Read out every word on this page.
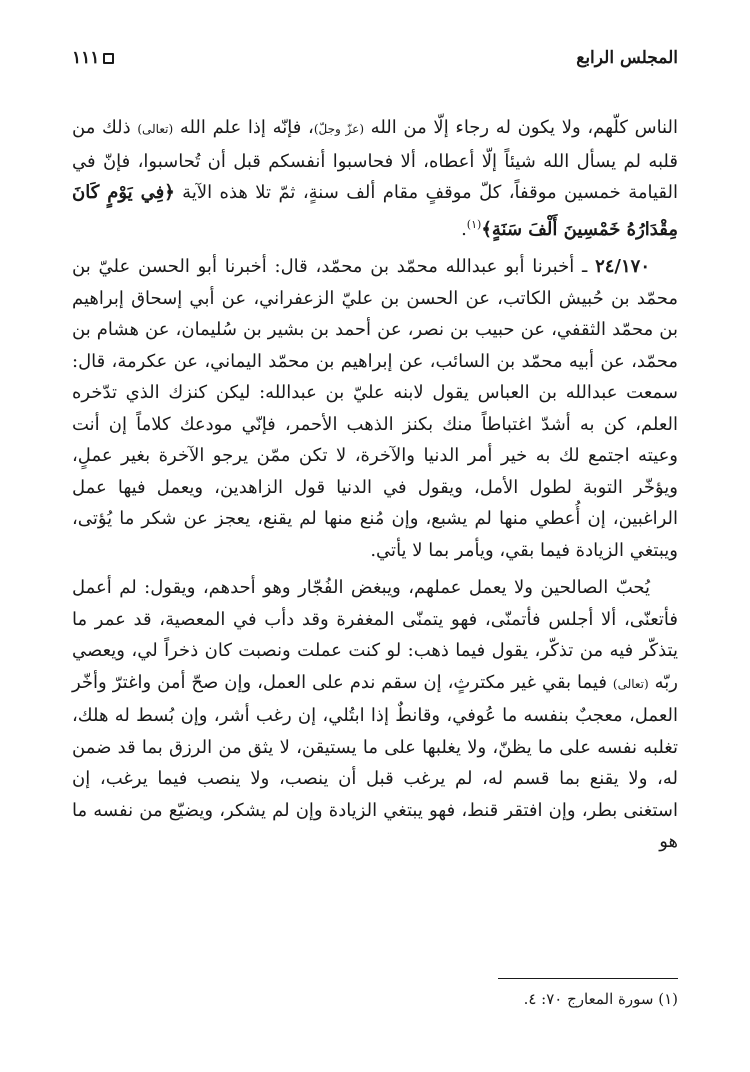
المجلس الرابع
١١١

الناس كلّهم، ولا يكون له رجاء إلّا من الله (عزّ وجلّ)، فإنّه إذا علم الله (تعالى) ذلك من قلبه لم يسأل الله شيئاً إلّا أعطاه، ألا فحاسبوا أنفسكم قبل أن تُحاسبوا، فإنّ في القيامة خمسين موقفاً، كلّ موقفٍ مقام ألف سنةٍ، ثمّ تلا هذه الآية ﴿فِي يَوْمٍ كَانَ مِقْدَارُهُ خَمْسِينَ أَلْفَ سَنَةٍ﴾$^{(١)}$.

٢٤/١٧٠ ـ أخبرنا أبو عبدالله محمّد بن محمّد، قال: أخبرنا أبو الحسن عليّ بن محمّد بن حُبيش الكاتب، عن الحسن بن عليّ الزعفراني، عن أبي إسحاق إبراهيم بن محمّد الثقفي، عن حبيب بن نصر، عن أحمد بن بشير بن سُليمان، عن هشام بن محمّد، عن أبيه محمّد بن السائب، عن إبراهيم بن محمّد اليماني، عن عكرمة، قال: سمعت عبدالله بن العباس يقول لابنه عليّ بن عبدالله: ليكن كنزك الذي تدّخره العلم، كن به أشدّ اغتباطاً منك بكنز الذهب الأحمر، فإنّي مودعك كلاماً إن أنت وعيته اجتمع لك به خير أمر الدنيا والآخرة، لا تكن ممّن يرجو الآخرة بغير عملٍ، ويؤخّر التوبة لطول الأمل، ويقول في الدنيا قول الزاهدين، ويعمل فيها عمل الراغبين، إن أُعطي منها لم يشبع، وإن مُنع منها لم يقنع، يعجز عن شكر ما يُؤتى، ويبتغي الزيادة فيما بقي، ويأمر بما لا يأتي.

يُحبّ الصالحين ولا يعمل عملهم، ويبغض الفُجّار وهو أحدهم، ويقول: لم أعمل فأتعنّى، ألا أجلس فأتمنّى، فهو يتمنّى المغفرة وقد دأب في المعصية، قد عمر ما يتذكّر فيه من تذكّر، يقول فيما ذهب: لو كنت عملت ونصبت كان ذخراً لي، ويعصي ربّه (تعالى) فيما بقي غير مكترثٍ، إن سقم ندم على العمل، وإن صحّ أمن واغترّ وأخّر العمل، معجبٌ بنفسه ما عُوفي، وقانطٌ إذا ابتُلي، إن رغب أشر، وإن بُسط له هلك، تغلبه نفسه على ما يظنّ، ولا يغلبها على ما يستيقن، لا يثق من الرزق بما قد ضمن له، ولا يقنع بما قسم له، لم يرغب قبل أن ينصب، ولا ينصب فيما يرغب، إن استغنى بطر، وإن افتقر قنط، فهو يبتغي الزيادة وإن لم يشكر، ويضيّع من نفسه ما هو

(١) سورة المعارج ٧٠: ٤.
